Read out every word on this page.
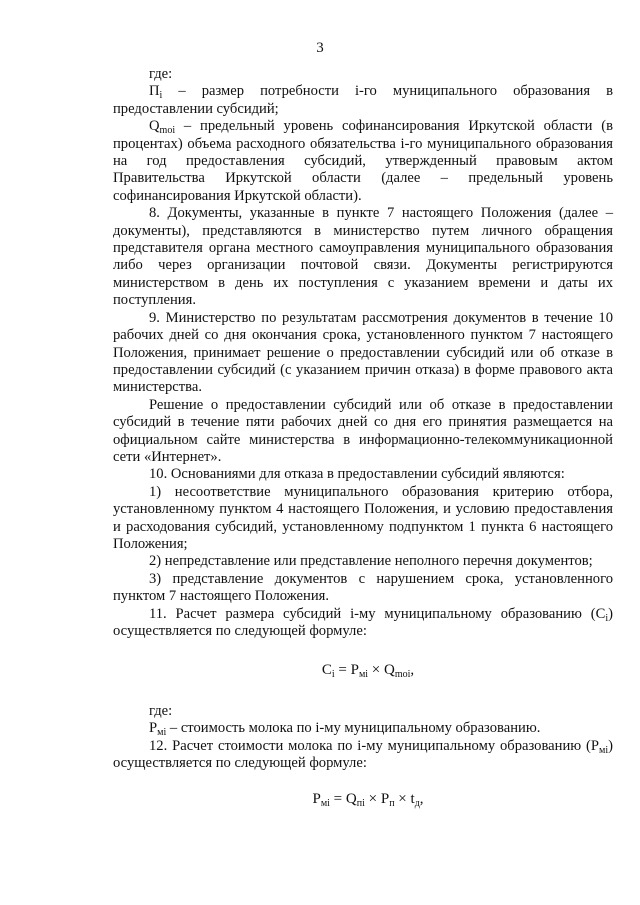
3

где:

$П_i$ – размер потребности i-го муниципального образования в предоставлении субсидий;

$Q_{moi}$ – предельный уровень софинансирования Иркутской области (в процентах) объема расходного обязательства i-го муниципального образования на год предоставления субсидий, утвержденный правовым актом Правительства Иркутской области (далее – предельный уровень софинансирования Иркутской области).

8. Документы, указанные в пункте 7 настоящего Положения (далее – документы), представляются в министерство путем личного обращения представителя органа местного самоуправления муниципального образования либо через организации почтовой связи. Документы регистрируются министерством в день их поступления с указанием времени и даты их поступления.

9. Министерство по результатам рассмотрения документов в течение 10 рабочих дней со дня окончания срока, установленного пунктом 7 настоящего Положения, принимает решение о предоставлении субсидий или об отказе в предоставлении субсидий (с указанием причин отказа) в форме правового акта министерства.

Решение о предоставлении субсидий или об отказе в предоставлении субсидий в течение пяти рабочих дней со дня его принятия размещается на официальном сайте министерства в информационно-телекоммуникационной сети «Интернет».

10. Основаниями для отказа в предоставлении субсидий являются:

1) несоответствие муниципального образования критерию отбора, установленному пунктом 4 настоящего Положения, и условию предоставления и расходования субсидий, установленному подпунктом 1 пункта 6 настоящего Положения;

2) непредставление или представление неполного перечня документов;

3) представление документов с нарушением срока, установленного пунктом 7 настоящего Положения.

11. Расчет размера субсидий i-му муниципальному образованию $(C_i)$ осуществляется по следующей формуле:

$C_i = P_{мi} \times Q_{moi}$,

где:

$P_{мi}$ – стоимость молока по i-му муниципальному образованию.

12. Расчет стоимости молока по i-му муниципальному образованию $(P_{мi})$ осуществляется по следующей формуле:

$P_{мi} = Q_{пi} \times P_п \times t_д$,
